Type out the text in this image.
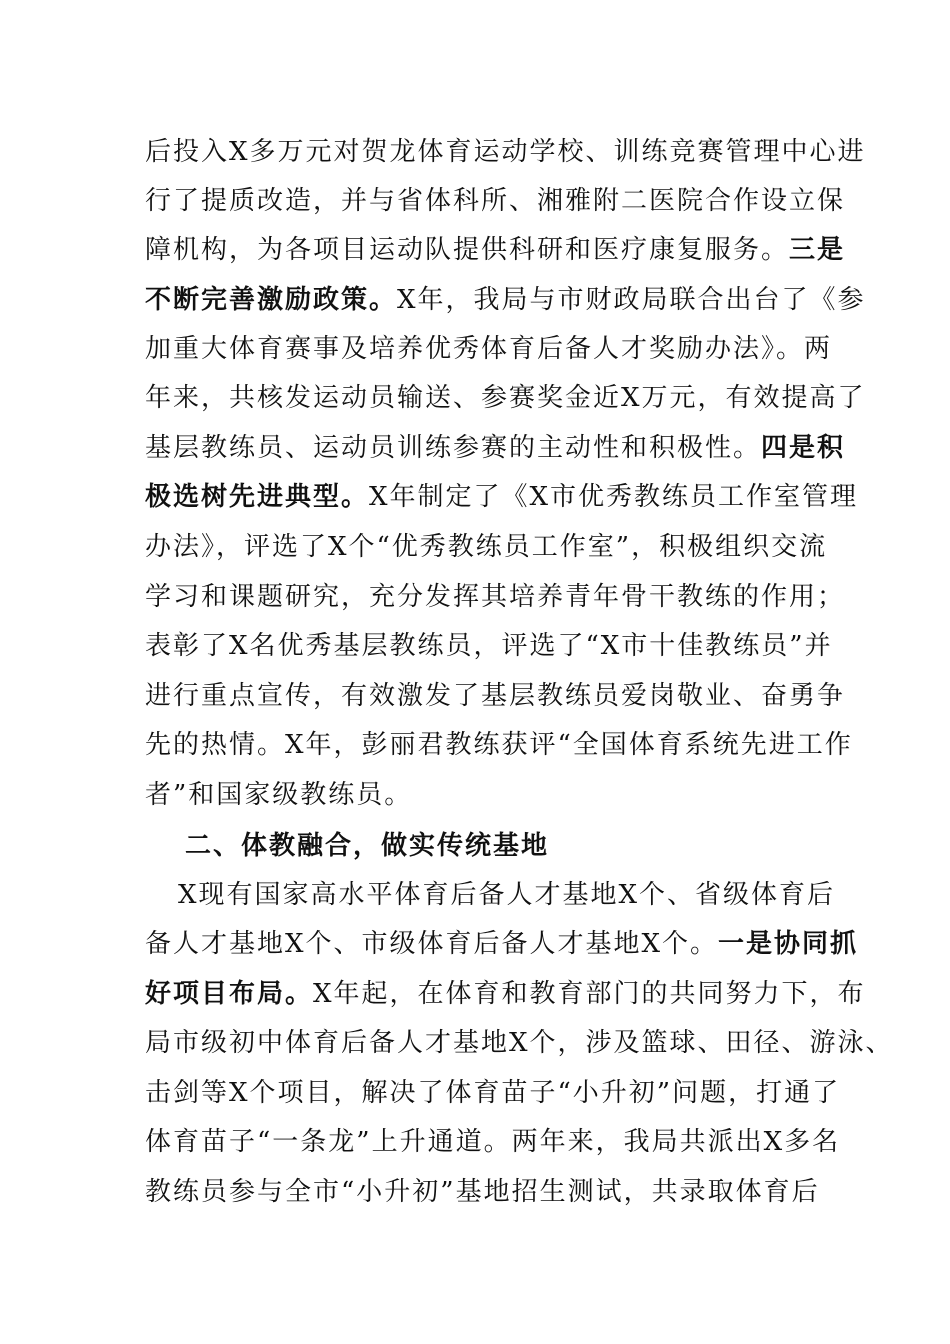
后投入X多万元对贺龙体育运动学校、训练竞赛管理中心进
行了提质改造，并与省体科所、湘雅附二医院合作设立保
障机构，为各项目运动队提供科研和医疗康复服务。三是
不断完善激励政策。X年，我局与市财政局联合出台了《参
加重大体育赛事及培养优秀体育后备人才奖励办法》。两
年来，共核发运动员输送、参赛奖金近X万元，有效提高了
基层教练员、运动员训练参赛的主动性和积极性。四是积
极选树先进典型。X年制定了《X市优秀教练员工作室管理
办法》，评选了X个“优秀教练员工作室”，积极组织交流
学习和课题研究，充分发挥其培养青年骨干教练的作用；
表彰了X名优秀基层教练员，评选了“X市十佳教练员”并
进行重点宣传，有效激发了基层教练员爱岗敬业、奋勇争
先的热情。X年，彭丽君教练获评“全国体育系统先进工作
者”和国家级教练员。
二、体教融合，做实传统基地
X现有国家高水平体育后备人才基地X个、省级体育后
备人才基地X个、市级体育后备人才基地X个。一是协同抓
好项目布局。X年起，在体育和教育部门的共同努力下，布
局市级初中体育后备人才基地X个，涉及篮球、田径、游泳、
击剑等X个项目，解决了体育苗子“小升初”问题，打通了
体育苗子“一条龙”上升通道。两年来，我局共派出X多名
教练员参与全市“小升初”基地招生测试，共录取体育后
